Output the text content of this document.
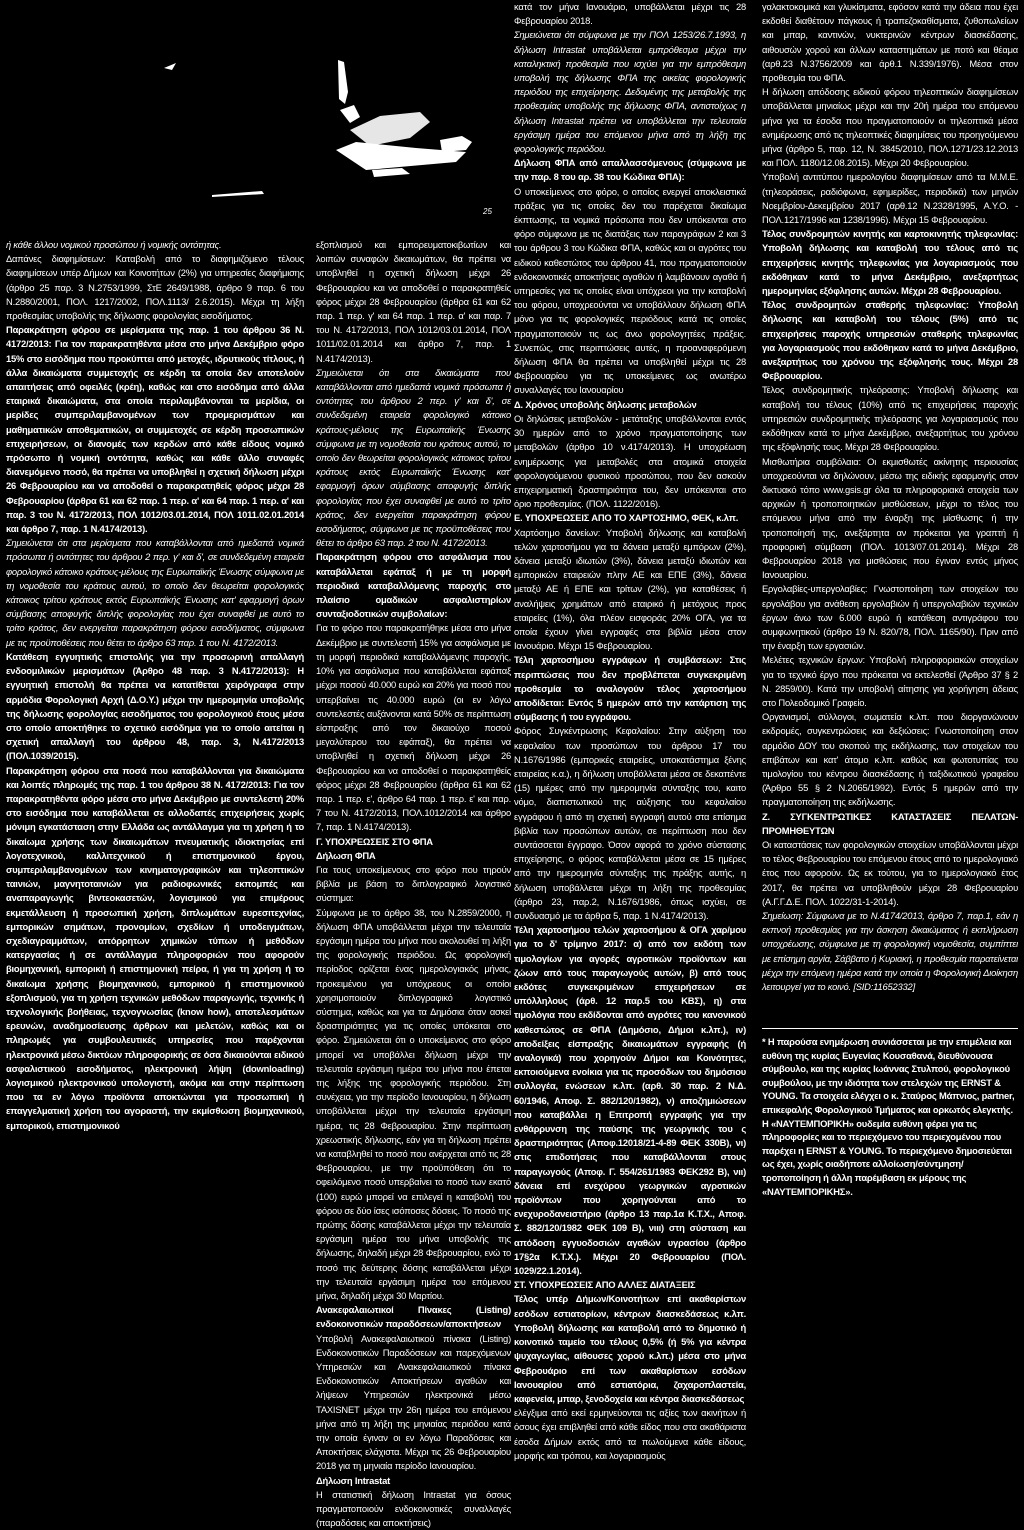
25

ή κάθε άλλου νομικού προσώπου ή νομικής οντότητας.

Δαπάνες διαφημίσεων: Καταβολή από το διαφημιζόμενο τέλους διαφημίσεων υπέρ Δήμων και Κοινοτήτων (2%) για υπηρεσίες διαφήμισης (άρθρο 25 παρ. 3 Ν.2753/1999, ΣτΕ 2649/1988, άρθρο 9 παρ. 6 του Ν.2880/2001, ΠΟΛ. 1217/2002, ΠΟΛ.1113/ 2.6.2015). Μέχρι τη λήξη προθεσμίας υποβολής της δήλωσης φορολογίας εισοδήματος.

Παρακράτηση φόρου σε μερίσματα της παρ. 1 του άρθρου 36 Ν. 4172/2013: Για τον παρακρατηθέντα μέσα στο μήνα Δεκέμβριο φόρο 15% στο εισόδημα που προκύπτει από μετοχές, ιδρυτικούς τίτλους, ή άλλα δικαιώματα συμμετοχής σε κέρδη τα οποία δεν αποτελούν απαιτήσεις από οφειλές (κρέη), καθώς και στο εισόδημα από άλλα εταιρικά δικαιώματα, στα οποία περιλαμβάνονται τα μερίδια, οι μερίδες συμπεριλαμβανομένων των προμερισμάτων και μαθηματικών αποθεματικών, οι συμμετοχές σε κέρδη προσωπικών επιχειρήσεων, οι διανομές των κερδών από κάθε είδους νομικό πρόσωπο ή νομική οντότητα, καθώς και κάθε άλλο συναφές διανεμόμενο ποσό, θα πρέπει να υποβληθεί η σχετική δήλωση μέχρι 26 Φεβρουαρίου και να αποδοθεί ο παρακρατηθείς φόρος μέχρι 28 Φεβρουαρίου (άρθρα 61 και 62 παρ. 1 περ. α' και 64 παρ. 1 περ. α' και παρ. 3 του Ν. 4172/2013, ΠΟΛ 1012/03.01.2014, ΠΟΛ 1011.02.01.2014 και άρθρο 7, παρ. 1 Ν.4174/2013).

Σημειώνεται ότι στα μερίσματα που καταβάλλονται από ημεδαπά νομικά πρόσωπα ή οντότητες του άρθρου 2 περ. γ' και δ', σε συνδεδεμένη εταιρεία φορολογικό κάτοικο κράτους-μέλους της Ευρωπαϊκής Ένωσης σύμφωνα με τη νομοθεσία του κράτους αυτού, το οποίο δεν θεωρείται φορολογικός κάτοικος τρίτου κράτους εκτός Ευρωπαϊκής Ένωσης κατ' εφαρμογή όρων σύμβασης αποφυγής διπλής φορολογίας που έχει συναφθεί με αυτό το τρίτο κράτος, δεν ενεργείται παρακράτηση φόρου εισοδήματος, σύμφωνα με τις προϋποθέσεις που θέτει το άρθρο 63 παρ. 1 του Ν. 4172/2013.

Κατάθεση εγγυητικής επιστολής για την προσωρινή απαλλαγή ενδοομιλικών μερισμάτων (Άρθρο 48 παρ. 3 Ν.4172/2013): Η εγγυητική επιστολή θα πρέπει να κατατίθεται χειρόγραφα στην αρμόδια Φορολογική Αρχή (Δ.Ο.Υ.) μέχρι την ημερομηνία υποβολής της δήλωσης φορολογίας εισοδήματος του φορολογικού έτους μέσα στο οποίο αποκτήθηκε το σχετικό εισόδημα για το οποίο αιτείται η σχετική απαλλαγή του άρθρου 48, παρ. 3, Ν.4172/2013 (ΠΟΛ.1039/2015).

Παρακράτηση φόρου στα ποσά που καταβάλλονται για δικαιώματα και λοιπές πληρωμές της παρ. 1 του άρθρου 38 Ν. 4172/2013: Για τον παρακρατηθέντα φόρο μέσα στο μήνα Δεκέμβριο με συντελεστή 20% στο εισόδημα που καταβάλλεται σε αλλοδαπές επιχειρήσεις χωρίς μόνιμη εγκατάσταση στην Ελλάδα ως αντάλλαγμα για τη χρήση ή το δικαίωμα χρήσης των δικαιωμάτων πνευματικής ιδιοκτησίας επί λογοτεχνικού, καλλιτεχνικού ή επιστημονικού έργου, συμπεριλαμβανομένων των κινηματογραφικών και τηλεοπτικών ταινιών, μαγνητοταινιών για ραδιοφωνικές εκπομπές και αναπαραγωγής βιντεοκασετών, λογισμικού για επιμέρους εκμετάλλευση ή προσωπική χρήση, διπλωμάτων ευρεσιτεχνίας, εμπορικών σημάτων, προνομίων, σχεδίων ή υποδειγμάτων, σχεδιαγραμμάτων, απόρρητων χημικών τύπων ή μεθόδων κατεργασίας ή σε αντάλλαγμα πληροφοριών που αφορούν βιομηχανική, εμπορική ή επιστημονική πείρα, ή για τη χρήση ή το δικαίωμα χρήσης βιομηχανικού, εμπορικού ή επιστημονικού εξοπλισμού, για τη χρήση τεχνικών μεθόδων παραγωγής, τεχνικής ή τεχνολογικής βοήθειας, τεχνογνωσίας (know how), αποτελεσμάτων ερευνών, αναδημοσίευσης άρθρων και μελετών, καθώς και οι πληρωμές για συμβουλευτικές υπηρεσίες που παρέχονται ηλεκτρονικά μέσω δικτύων πληροφορικής σε όσα δικαιούνται ειδικού ασφαλιστικού εισοδήματος, ηλεκτρονική λήψη (downloading) λογισμικού ηλεκτρονικού υπολογιστή, ακόμα και στην περίπτωση που τα εν λόγω προϊόντα αποκτώνται για προσωπική ή επαγγελματική χρήση του αγοραστή, την εκμίσθωση βιομηχανικού, εμπορικού, επιστημονικού

εξοπλισμού και εμπορευματοκιβωτίων και λοιπών συναφών δικαιωμάτων, θα πρέπει να υποβληθεί η σχετική δήλωση μέχρι 26 Φεβρουαρίου και να αποδοθεί ο παρακρατηθείς φόρος μέχρι 28 Φεβρουαρίου (άρθρα 61 και 62 παρ. 1 περ. γ' και 64 παρ. 1 περ. α' και παρ. 7 του Ν. 4172/2013, ΠΟΛ 1012/03.01.2014, ΠΟΛ 1011/02.01.2014 και άρθρο 7, παρ. 1 Ν.4174/2013).

Σημειώνεται ότι στα δικαιώματα που καταβάλλονται από ημεδαπά νομικά πρόσωπα ή οντότητες του άρθρου 2 περ. γ' και δ', σε συνδεδεμένη εταιρεία φορολογικό κάτοικο κράτους-μέλους της Ευρωπαϊκής Ένωσης σύμφωνα με τη νομοθεσία του κράτους αυτού, το οποίο δεν θεωρείται φορολογικός κάτοικος τρίτου κράτους εκτός Ευρωπαϊκής Ένωσης κατ' εφαρμογή όρων σύμβασης αποφυγής διπλής φορολογίας που έχει συναφθεί με αυτό το τρίτο κράτος, δεν ενεργείται παρακράτηση φόρου εισοδήματος, σύμφωνα με τις προϋποθέσεις που θέτει το άρθρο 63 παρ. 2 του Ν. 4172/2013.

Παρακράτηση φόρου στο ασφάλισμα που καταβάλλεται εφάπαξ ή με τη μορφή περιοδικά καταβαλλόμενης παροχής στο πλαίσιο ομαδικών ασφαλιστηρίων συνταξιοδοτικών συμβολαίων:

Για το φόρο που παρακρατήθηκε μέσα στο μήνα Δεκέμβριο με συντελεστή 15% για ασφάλισμα με τη μορφή περιοδικά καταβαλλόμενης παροχής, 10% για ασφάλισμα που καταβάλλεται εφάπαξ μέχρι ποσού 40.000 ευρώ και 20% για ποσό που υπερβαίνει τις 40.000 ευρώ (οι εν λόγω συντελεστές αυξάνονται κατά 50% σε περίπτωση είσπραξης από τον δικαιούχο ποσού μεγαλύτερου του εφάπαξ), θα πρέπει να υποβληθεί η σχετική δήλωση μέχρι 26 Φεβρουαρίου και να αποδοθεί ο παρακρατηθείς φόρος μέχρι 28 Φεβρουαρίου (άρθρα 61 και 62 παρ. 1 περ. ε', άρθρο 64 παρ. 1 περ. ε' και παρ. 7 του Ν. 4172/2013, ΠΟΛ.1012/2014 και άρθρο 7, παρ. 1 Ν.4174/2013).

Γ. ΥΠΟΧΡΕΩΣΕΙΣ ΣΤΟ ΦΠΑ

Δήλωση ΦΠΑ

Για τους υποκείμενους στο φόρο που τηρούν βιβλία με βάση το διπλογραφικό λογιστικό σύστημα:

Σύμφωνα με το άρθρο 38, του Ν.2859/2000, η δήλωση ΦΠΑ υποβάλλεται μέχρι την τελευταία εργάσιμη ημέρα του μήνα που ακολουθεί τη λήξη της φορολογικής περιόδου. Ως φορολογική περίοδος ορίζεται ένας ημερολογιακός μήνας, προκειμένου για υπόχρεους οι οποίοι χρησιμοποιούν διπλογραφικό λογιστικό σύστημα, καθώς και για τα Δημόσια όταν ασκεί δραστηριότητες για τις οποίες υπόκειται στο φόρο. Σημειώνεται ότι ο υποκείμενος στο φόρο μπορεί να υποβάλλει δήλωση μέχρι την τελευταία εργάσιμη ημέρα του μήνα που έπεται της λήξης της φορολογικής περιόδου. Στη συνέχεια, για την περίοδο Ιανουαρίου, η δήλωση υποβάλλεται μέχρι την τελευταία εργάσιμη ημέρα, τις 28 Φεβρουαρίου. Στην περίπτωση χρεωστικής δήλωσης, εάν για τη δήλωση πρέπει να καταβληθεί το ποσό που ανέρχεται από τις 28 Φεβρουαρίου, με την προϋπόθεση ότι το οφειλόμενο ποσό υπερβαίνει το ποσό των εκατό (100) ευρώ μπορεί να επιλεγεί η καταβολή του φόρου σε δύο ίσες ισόποσες δόσεις. Το ποσό της πρώτης δόσης καταβάλλεται μέχρι την τελευταία εργάσιμη ημέρα του μήνα υποβολής της δήλωσης, δηλαδή μέχρι 28 Φεβρουαρίου, ενώ το ποσό της δεύτερης δόσης καταβάλλεται μέχρι την τελευταία εργάσιμη ημέρα του επόμενου μήνα, δηλαδή μέχρι 30 Μαρτίου.

Ανακεφαλαιωτικοί Πίνακες (Listing) ενδοκοινοτικών παραδόσεων/αποκτήσεων

Υποβολή Ανακεφαλαιωτικού πίνακα (Listing) Ενδοκοινοτικών Παραδόσεων και παρεχόμενων Υπηρεσιών και Ανακεφαλαιωτικού πίνακα Ενδοκοινοτικών Αποκτήσεων αγαθών και λήψεων Υπηρεσιών ηλεκτρονικά μέσω TAXISNET μέχρι την 26η ημέρα του επόμενου μήνα από τη λήξη της μηνιαίας περιόδου κατά την οποία έγιναν οι εν λόγω Παραδόσεις και Αποκτήσεις ελάχιστα. Μέχρι τις 26 Φεβρουαρίου 2018 για τη μηνιαία περίοδο Ιανουαρίου.

Δήλωση Intrastat

Η στατιστική δήλωση Intrastat για όσους πραγματοποιούν ενδοκοινοτικές συναλλαγές (παραδόσεις και αποκτήσεις)

κατά τον μήνα Ιανουάριο, υποβάλλεται μέχρι τις 28 Φεβρουαρίου 2018.

Σημειώνεται ότι σύμφωνα με την ΠΟΛ 1253/26.7.1993, η δήλωση Intrastat υποβάλλεται εμπρόθεσμα μέχρι την καταληκτική προθεσμία που ισχύει για την εμπρόθεσμη υποβολή της δήλωσης ΦΠΑ της οικείας φορολογικής περιόδου της επιχείρησης. Δεδομένης της μεταβολής της προθεσμίας υποβολής της δήλωσης ΦΠΑ, αντιστοίχως η δήλωση Intrastat πρέπει να υποβάλλεται την τελευταία εργάσιμη ημέρα του επόμενου μήνα από τη λήξη της φορολογικής περιόδου.

Δήλωση ΦΠΑ από απαλλασσόμενους (σύμφωνα με την παρ. 8 του αρ. 38 του Κώδικα ΦΠΑ):

Ο υποκείμενος στο φόρο, ο οποίος ενεργεί αποκλειστικά πράξεις για τις οποίες δεν του παρέχεται δικαίωμα έκπτωσης, τα νομικά πρόσωπα που δεν υπόκεινται στο φόρο σύμφωνα με τις διατάξεις των παραγράφων 2 και 3 του άρθρου 3 του Κώδικα ΦΠΑ, καθώς και οι αγρότες του ειδικού καθεστώτος του άρθρου 41, που πραγματοποιούν ενδοκοινοτικές αποκτήσεις αγαθών ή λαμβάνουν αγαθά ή υπηρεσίες για τις οποίες είναι υπόχρεοι για την καταβολή του φόρου, υποχρεούνται να υποβάλλουν δήλωση ΦΠΑ μόνο για τις φορολογικές περιόδους κατά τις οποίες πραγματοποιούν τις ως άνω φορολογητέες πράξεις. Συνεπώς, στις περιπτώσεις αυτές, η προαναφερόμενη δήλωση ΦΠΑ θα πρέπει να υποβληθεί μέχρι τις 28 Φεβρουαρίου για τις υποκείμενες ως ανωτέρω συναλλαγές του Ιανουαρίου

Δ. Χρόνος υποβολής δήλωσης μεταβολών

Οι δηλώσεις μεταβολών - μετάταξης υποβάλλονται εντός 30 ημερών από το χρόνο πραγματοποίησης των μεταβολών (άρθρο 10 ν.4174/2013). Η υποχρέωση ενημέρωσης για μεταβολές στα ατομικά στοιχεία φορολογούμενου φυσικού προσώπου, που δεν ασκούν επιχειρηματική δραστηριότητα του, δεν υπόκεινται στο όριο προθεσμίας. (ΠΟΛ. 1122/2016).

Ε. ΥΠΟΧΡΕΩΣΕΙΣ ΑΠΟ ΤΟ ΧΑΡΤΟΣΗΜΟ, ΦΕΚ, κ.λπ.

Χαρτόσημο δανείων: Υποβολή δήλωσης και καταβολή τελών χαρτοσήμου για τα δάνεια μεταξύ εμπόρων (2%), δάνεια μεταξύ ιδιωτών (3%), δάνεια μεταξύ ιδιωτών και εμπορικών εταιρειών πλην ΑΕ και ΕΠΕ (3%), δάνεια μεταξύ ΑΕ ή ΕΠΕ και τρίτων (2%), για καταθέσεις ή αναλήψεις χρημάτων από εταιρικό ή μετόχους προς εταιρείες (1%), όλα πλέον εισφοράς 20% ΟΓΑ, για τα οποία έχουν γίνει εγγραφές στα βιβλία μέσα στον Ιανουάριο. Μέχρι 15 Φεβρουαρίου.

Τέλη χαρτοσήμου εγγράφων ή συμβάσεων: Στις περιπτώσεις που δεν προβλέπεται συγκεκριμένη προθεσμία το αναλογούν τέλος χαρτοσήμου αποδίδεται: Εντός 5 ημερών από την κατάρτιση της σύμβασης ή του εγγράφου.

Φόρος Συγκέντρωσης Κεφαλαίου: Στην αύξηση του κεφαλαίου των προσώπων του άρθρου 17 του Ν.1676/1986 (εμπορικές εταιρείες, υποκατάστημα ξένης εταιρείας κ.α.), η δήλωση υποβάλλεται μέσα σε δεκαπέντε (15) ημέρες από την ημερομηνία σύνταξης του, καιτο νόμο, διαπιστωτικού της αύξησης του κεφαλαίου εγγράφου ή από τη σχετική εγγραφή αυτού στα επίσημα βιβλία των προσώπων αυτών, σε περίπτωση που δεν συντάσσεται έγγραφο. Όσον αφορά το χρόνο σύστασης επιχείρησης, ο φόρος καταβάλλεται μέσα σε 15 ημέρες από την ημερομηνία σύνταξης της πράξης αυτής, η δήλωση υποβάλλεται μέχρι τη λήξη της προθεσμίας (άρθρο 23, παρ.2, Ν.1676/1986, όπως ισχύει, σε συνδυασμό με τα άρθρα 5, παρ. 1 Ν.4174/2013).

Τέλη χαρτοσήμου τελών χαρτοσήμου & ΟΓΑ χαρ/μου για το δ' τρίμηνο 2017: α) από τον εκδότη των τιμολογίων για αγορές αγροτικών προϊόντων και ζώων από τους παραγωγούς αυτών, β) από τους εκδότες συγκεκριμένων επιχειρήσεων σε υπόλληλους (άρθ. 12 παρ.5 του ΚΒΣ), η) στα τιμολόγια που εκδίδονται από αγρότες του κανονικού καθεστώτος σε ΦΠΑ (Δημόσιο, Δήμοι κ.λπ.), ιν) αποδείξεις είσπραξης δικαιωμάτων εγγραφής (ή αναλογικά) που χορηγούν Δήμοι και Κοινότητες, εκποιούμενα ενοίκια για τις προσόδων του δημόσιου συλλογέα, ενώσεων κ.λπ. (αρθ. 30 παρ. 2 Ν.Δ. 60/1946, Αποφ. Σ. 882/120/1982), ν) αποζημιώσεων που καταβάλλει η Επιτροπή εγγραφής για την ενθάρρυνση της παύσης της γεωργικής του ς δραστηριότητας (Αποφ.12018/21-4-89 ΦΕΚ 330Β), νι) στις επιδοτήσεις που καταβάλλονται στους παραγωγούς (Αποφ. Γ. 554/261/1983 ΦΕΚ292 Β), νιι) δάνεια επί ενεχύρου γεωργικών αγροτικών προϊόντων που χορηγούνται από το ενεχυροδανειστήριο (άρθρο 13 παρ.1α Κ.Τ.Χ., Αποφ. Σ. 882/120/1982 ΦΕΚ 109 Β), νιιι) στη σύσταση και απόδοση εγγυοδοσιών αγαθών υγρασίου (άρθρο 17§2α Κ.Τ.Χ.). Μέχρι 20 Φεβρουαρίου (ΠΟΛ. 1029/22.1.2014).

ΣΤ. ΥΠΟΧΡΕΩΣΕΙΣ ΑΠΟ ΑΛΛΕΣ ΔΙΑΤΑΞΕΙΣ

Τέλος υπέρ Δήμων/Κοινοτήτων επί ακαθαρίστων εσόδων εστιατορίων, κέντρων διασκεδάσεως κ.λπ. Υποβολή δήλωσης και καταβολή από το δημοτικό ή κοινοτικό ταμείο του τέλους 0,5% (ή 5% για κέντρα ψυχαγωγίας, αίθουσες χορού κ.λπ.) μέσα στο μήνα Φεβρουάριο επί των ακαθαρίστων εσόδων Ιανουαρίου από εστιατόρια, ζαχαροπλαστεία, καφενεία, μπαρ, ξενοδοχεία και κέντρα διασκεδάσεως

ελέγξιμα από εκεί ερμηνεύονται τις αξίες των ακινήτων ή όσους έχει επιβληθεί από κάθε είδος που στα ακαθάριστα έσοδα Δήμων εκτός από τα πωλούμενα κάθε είδους, μορφής και τρόπου, και λογαριασμούς

γαλακτοκομικά και γλυκίσματα, εφόσον κατά την άδεια που έχει εκδοθεί διαθέτουν πάγκους ή τραπεζοκαθίσματα, ζυθοπωλείων και μπαρ, καντινών, νυκτερινών κέντρων διασκέδασης, αιθουσών χορού και άλλων καταστημάτων με ποτό και θέαμα (αρθ.23 Ν.3756/2009 και άρθ.1 Ν.339/1976). Μέσα στον προθεσμία του ΦΠΑ.

Η δήλωση απόδοσης ειδικού φόρου τηλεοπτικών διαφημίσεων υποβάλλεται μηνιαίως μέχρι και την 20ή ημέρα του επόμενου μήνα για τα έσοδα που πραγματοποιούν οι τηλεοπτικά μέσα ενημέρωσης από τις τηλεοπτικές διαφημίσεις του προηγούμενου μήνα (άρθρο 5, παρ. 12, Ν. 3845/2010, ΠΟΛ.1271/23.12.2013 και ΠΟΛ. 1180/12.08.2015). Μέχρι 20 Φεβρουαρίου.

Υποβολή αντιτύπου ημερολογίου διαφημίσεων από τα Μ.Μ.Ε. (τηλεοράσεις, ραδιόφωνα, εφημερίδες, περιοδικά) των μηνών Νοεμβρίου-Δεκεμβρίου 2017 (αρθ.12 Ν.2328/1995, Α.Υ.Ο. - ΠΟΛ.1217/1996 και 1238/1996). Μέχρι 15 Φεβρουαρίου.

Τέλος συνδρομητών κινητής και καρτοκινητής τηλεφωνίας: Υποβολή δήλωσης και καταβολή του τέλους από τις επιχειρήσεις κινητής τηλεφωνίας για λογαριασμούς που εκδόθηκαν κατά το μήνα Δεκέμβριο, ανεξαρτήτως ημερομηνίας εξόφλησης αυτών. Μέχρι 28 Φεβρουαρίου.

Τέλος συνδρομητών σταθερής τηλεφωνίας: Υποβολή δήλωσης και καταβολή του τέλους (5%) από τις επιχειρήσεις παροχής υπηρεσιών σταθερής τηλεφωνίας για λογαριασμούς που εκδόθηκαν κατά το μήνα Δεκέμβριο, ανεξαρτήτως του χρόνου της εξόφλησής τους. Μέχρι 28 Φεβρουαρίου.

Τέλος συνδρομητικής τηλεόρασης: Υποβολή δήλωσης και καταβολή του τέλους (10%) από τις επιχειρήσεις παροχής υπηρεσιών συνδρομητικής τηλεόρασης για λογαριασμούς που εκδόθηκαν κατά το μήνα Δεκέμβριο, ανεξαρτήτως του χρόνου της εξόφλησής τους. Μέχρι 28 Φεβρουαρίου.

Μισθωτήρια συμβόλαια: Οι εκμισθωτές ακίνητης περιουσίας υποχρεούνται να δηλώνουν, μέσω της ειδικής εφαρμογής στον δικτυακό τόπο www.gsis.gr όλα τα πληροφοριακά στοιχεία των αρχικών ή τροποποιητικών μισθώσεων, μέχρι το τέλος του επόμενου μήνα από την έναρξη της μίσθωσης ή την τροποποίησή της, ανεξάρτητα αν πρόκειται για γραπτή ή προφορική σύμβαση (ΠΟΛ. 1013/07.01.2014). Μέχρι 28 Φεβρουαρίου 2018 για μισθώσεις που έγιναν εντός μήνος Ιανουαρίου.

Εργολαβίες-υπεργολαβίες: Γνωστοποίηση των στοιχείων του εργολάβου για ανάθεση εργολαβιών ή υπεργολαβιών τεχνικών έργων άνω των 6.000 ευρώ ή κατάθεση αντιγράφου του συμφωνητικού (άρθρο 19 Ν. 820/78, ΠΟΛ. 1165/90). Πριν από την έναρξη των εργασιών.

Μελέτες τεχνικών έργων: Υποβολή πληροφοριακών στοιχείων για το τεχνικό έργο που πρόκειται να εκτελεσθεί (Άρθρο 37 § 2 Ν. 2859/00). Κατά την υποβολή αίτησης για χορήγηση άδειας στο Πολεοδομικό Γραφείο.

Οργανισμοί, σύλλογοι, σωματεία κ.λπ. που διοργανώνουν εκδρομές, συγκεντρώσεις και δεξιώσεις: Γνωστοποίηση στον αρμόδιο ΔΟΥ του σκοπού της εκδήλωσης, των στοιχείων του επιβάτων και κατ' άτομο κ.λπ. καθώς και φωτοτυπίας του τιμολογίου του κέντρου διασκέδασης ή ταξιδιωτικού γραφείου (Άρθρο 55 § 2 Ν.2065/1992). Εντός 5 ημερών από την πραγματοποίηση της εκδήλωσης.

Ζ. ΣΥΓΚΕΝΤΡΩΤΙΚΕΣ ΚΑΤΑΣΤΑΣΕΙΣ ΠΕΛΑΤΩΝ-ΠΡΟΜΗΘΕΥΤΩΝ

Οι καταστάσεις των φορολογικών στοιχείων υποβάλλονται μέχρι το τέλος Φεβρουαρίου του επόμενου έτους από το ημερολογιακό έτος που αφορούν. Ως εκ τούτου, για το ημερολογιακό έτος 2017, θα πρέπει να υποβληθούν μέχρι 28 Φεβρουαρίου (Α.Γ.Γ.Δ.Ε. ΠΟΛ. 1022/31-1-2014).

Σημείωση: Σύμφωνα με το Ν.4174/2013, άρθρο 7, παρ.1, εάν η εκπνοή προθεσμίας για την άσκηση δικαιώματος ή εκπλήρωση υποχρέωσης, σύμφωνα με τη φορολογική νομοθεσία, συμπίπτει με επίσημη αργία, Σάββατο ή Κυριακή, η προθεσμία παρατείνεται μέχρι την επόμενη ημέρα κατά την οποία η Φορολογική Διοίκηση λειτουργεί για το κοινό. [SID:11652332]

* Η παρούσα ενημέρωση συνιάσσεται με την επιμέλεια και ευθύνη της κυρίας Ευγενίας Κουσαθανά, διευθύνουσα σύμβουλο, και της κυρίας Ιωάννας Στυλπού, φορολογικού συμβούλου, με την ιδιότητα των στελεχών της ERNST & YOUNG. Τα στοιχεία ελέγχει ο κ. Σταύρος Μάπνιος, partner, επικεφαλής Φορολογικού Τμήματος και ορκωτός ελεγκτής. Η «ΝΑΥΤΕΜΠΟΡΙΚΗ» ουδεμία ευθύνη φέρει για τις πληροφορίες και το περιεχόμενο του περιεχομένου που παρέχει η ERNST & YOUNG. Το περιεχόμενο δημοσιεύεται ως έχει, χωρίς οιαδήποτε αλλοίωση/σύντμηση/τροποποίηση ή άλλη παρέμβαση εκ μέρους της «ΝΑΥΤΕΜΠΟΡΙΚΗΣ».
